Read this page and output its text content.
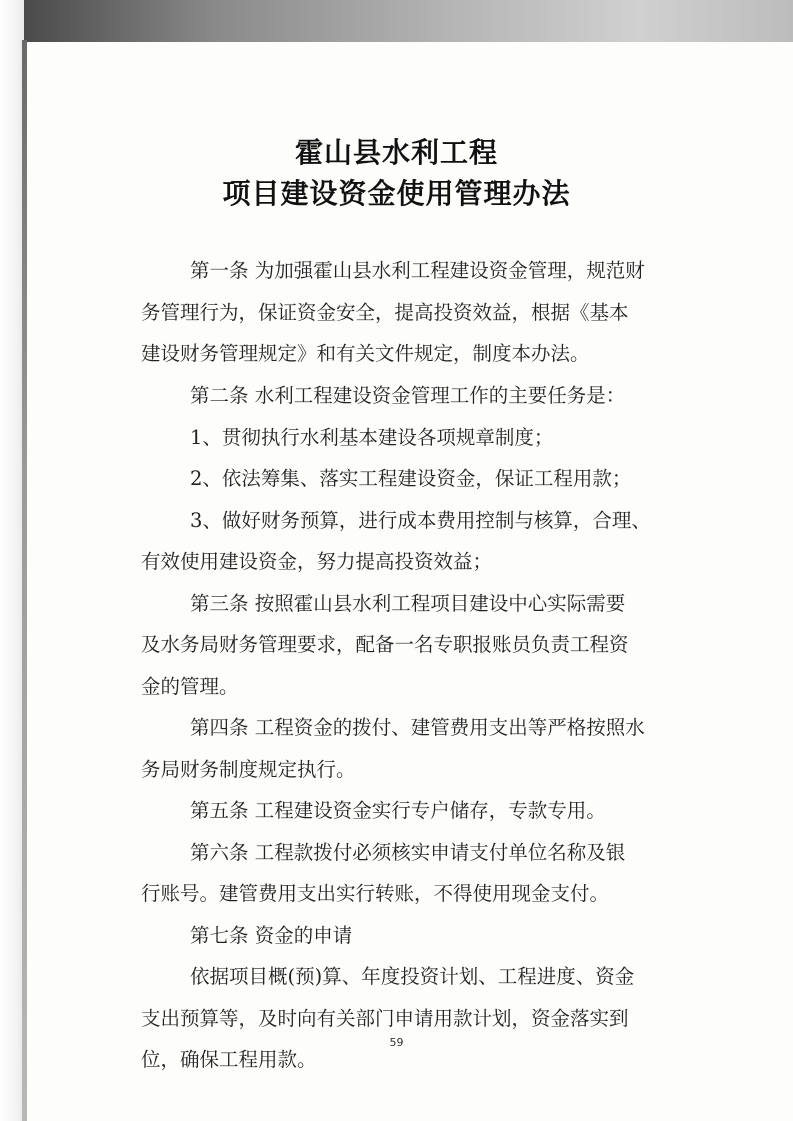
霍山县水利工程
项目建设资金使用管理办法
第一条 为加强霍山县水利工程建设资金管理，规范财
务管理行为，保证资金安全，提高投资效益，根据《基本
建设财务管理规定》和有关文件规定，制度本办法。
第二条 水利工程建设资金管理工作的主要任务是：
1、贯彻执行水利基本建设各项规章制度；
2、依法筹集、落实工程建设资金，保证工程用款；
3、做好财务预算，进行成本费用控制与核算，合理、
有效使用建设资金，努力提高投资效益；
第三条 按照霍山县水利工程项目建设中心实际需要
及水务局财务管理要求，配备一名专职报账员负责工程资
金的管理。
第四条 工程资金的拨付、建管费用支出等严格按照水
务局财务制度规定执行。
第五条 工程建设资金实行专户储存，专款专用。
第六条 工程款拨付必须核实申请支付单位名称及银
行账号。建管费用支出实行转账，不得使用现金支付。
第七条 资金的申请
依据项目概(预)算、年度投资计划、工程进度、资金
支出预算等，及时向有关部门申请用款计划，资金落实到
位，确保工程用款。
59
